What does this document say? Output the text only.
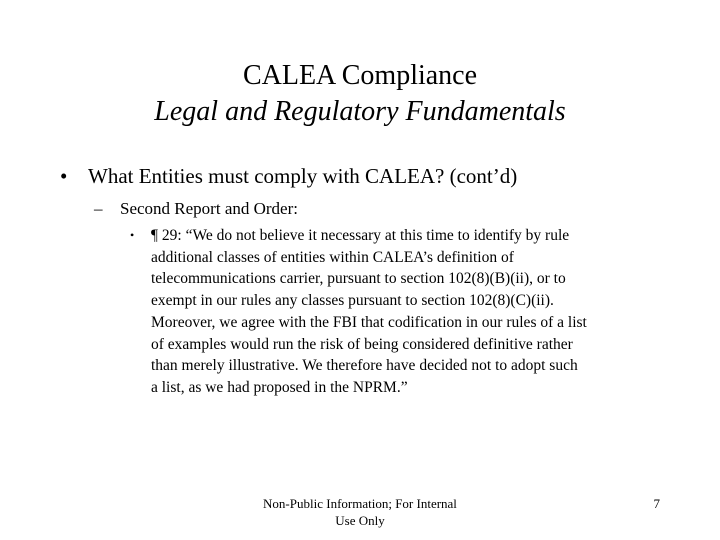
CALEA Compliance
Legal and Regulatory Fundamentals
• What Entities must comply with CALEA? (cont’d)
– Second Report and Order:
• ¶ 29: “We do not believe it necessary at this time to identify by rule
additional classes of entities within CALEA’s definition of
telecommunications carrier, pursuant to section 102(8)(B)(ii), or to
exempt in our rules any classes pursuant to section 102(8)(C)(ii).
Moreover, we agree with the FBI that codification in our rules of a list
of examples would run the risk of being considered definitive rather
than merely illustrative. We therefore have decided not to adopt such
a list, as we had proposed in the NPRM.”
Non-Public Information; For Internal
Use Only
7
